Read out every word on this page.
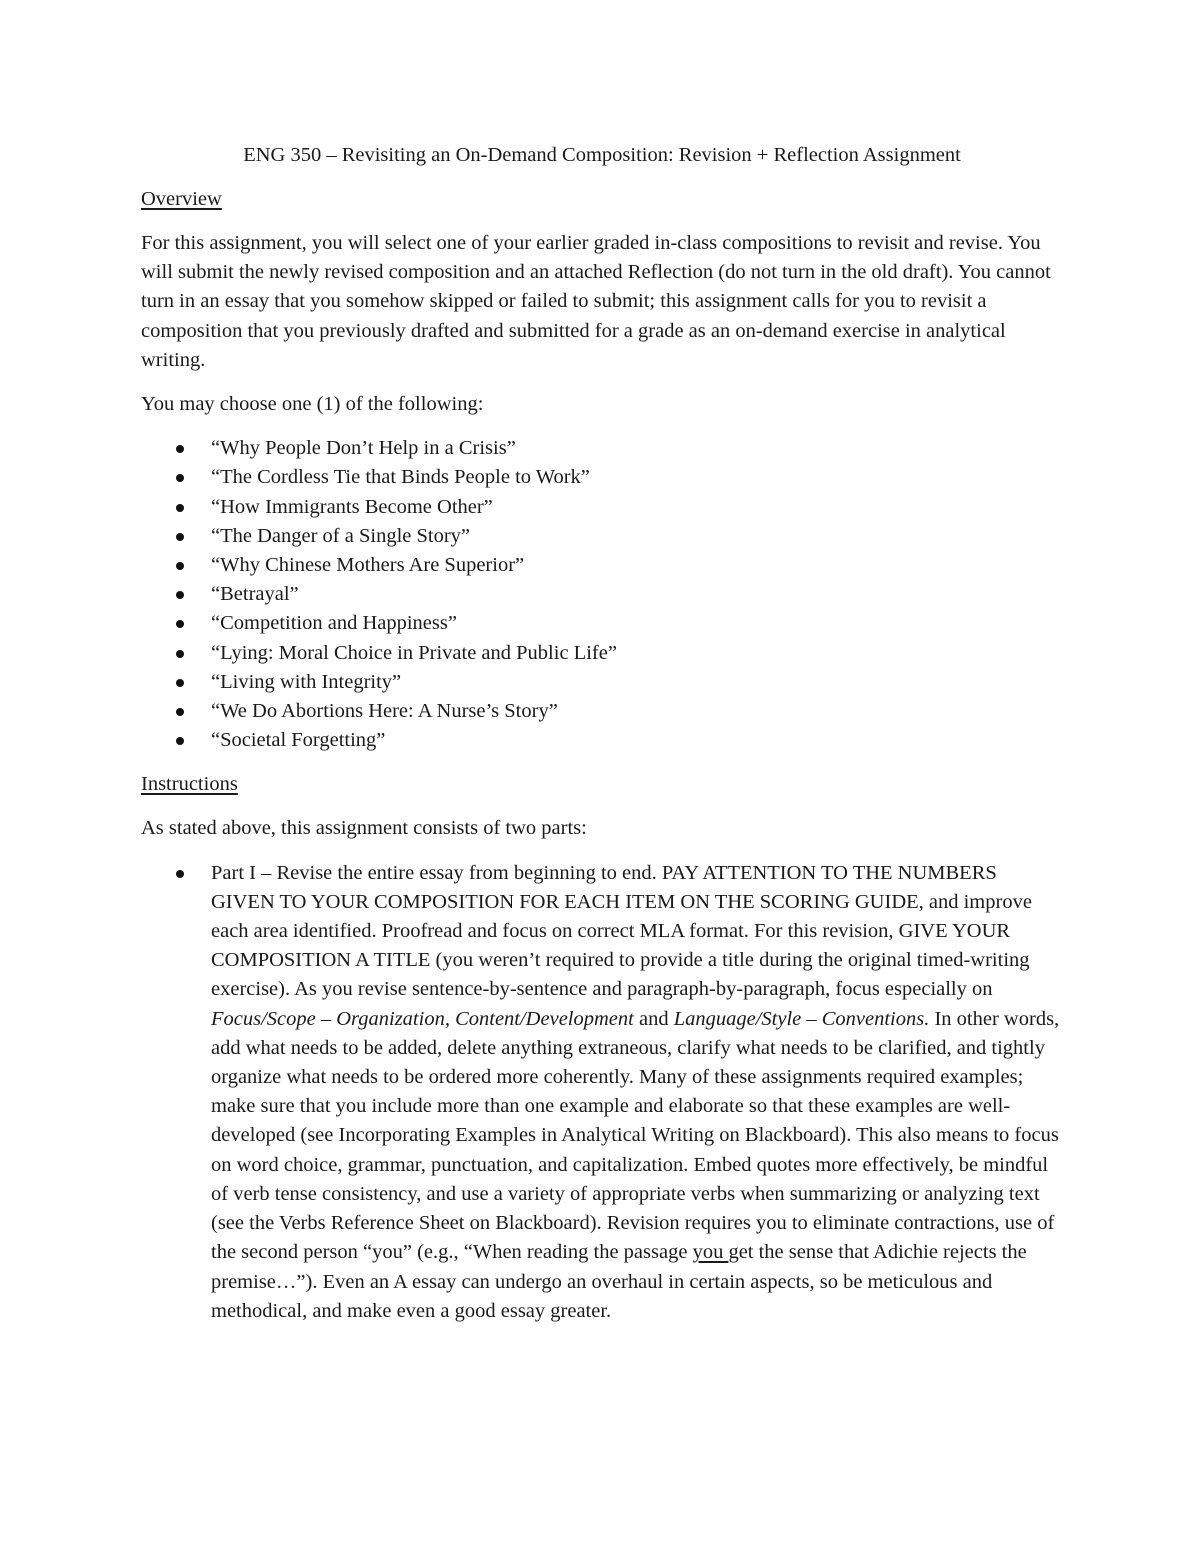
ENG 350 – Revisiting an On-Demand Composition: Revision + Reflection Assignment
Overview

For this assignment, you will select one of your earlier graded in-class compositions to revisit and revise. You will submit the newly revised composition and an attached Reflection (do not turn in the old draft). You cannot turn in an essay that you somehow skipped or failed to submit; this assignment calls for you to revisit a composition that you previously drafted and submitted for a grade as an on-demand exercise in analytical writing.

You may choose one (1) of the following:

“Why People Don’t Help in a Crisis”
“The Cordless Tie that Binds People to Work”
“How Immigrants Become Other”
“The Danger of a Single Story”
“Why Chinese Mothers Are Superior”
“Betrayal”
“Competition and Happiness”
“Lying: Moral Choice in Private and Public Life”
“Living with Integrity”
“We Do Abortions Here: A Nurse’s Story”
“Societal Forgetting”
Instructions

As stated above, this assignment consists of two parts:

Part I – Revise the entire essay from beginning to end. PAY ATTENTION TO THE NUMBERS GIVEN TO YOUR COMPOSITION FOR EACH ITEM ON THE SCORING GUIDE, and improve each area identified. Proofread and focus on correct MLA format. For this revision, GIVE YOUR COMPOSITION A TITLE (you weren’t required to provide a title during the original timed-writing exercise). As you revise sentence-by-sentence and paragraph-by-paragraph, focus especially on Focus/Scope – Organization, Content/Development and Language/Style – Conventions. In other words, add what needs to be added, delete anything extraneous, clarify what needs to be clarified, and tightly organize what needs to be ordered more coherently. Many of these assignments required examples; make sure that you include more than one example and elaborate so that these examples are well-developed (see Incorporating Examples in Analytical Writing on Blackboard). This also means to focus on word choice, grammar, punctuation, and capitalization. Embed quotes more effectively, be mindful of verb tense consistency, and use a variety of appropriate verbs when summarizing or analyzing text (see the Verbs Reference Sheet on Blackboard). Revision requires you to eliminate contractions, use of the second person “you” (e.g., “When reading the passage you get the sense that Adichie rejects the premise…”). Even an A essay can undergo an overhaul in certain aspects, so be meticulous and methodical, and make even a good essay greater.
